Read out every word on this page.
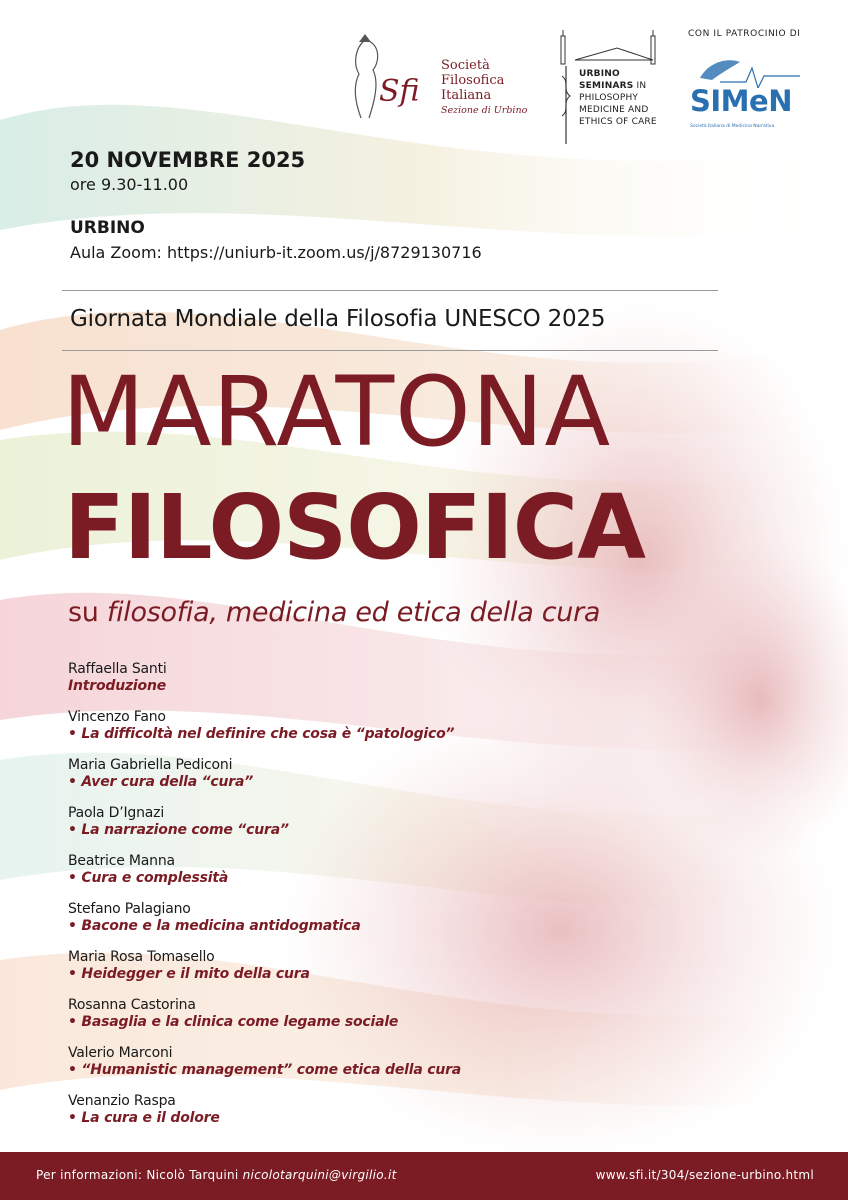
Sfi
Società
Filosofica
Italiana
Sezione di Urbino
URBINO
SEMINARS IN
PHILOSOPHY
MEDICINE AND
ETHICS OF CARE
CON IL PATROCINIO DI
SIMeN
Società Italiana di Medicina Narrativa
20 NOVEMBRE 2025
ore 9.30-11.00
URBINO
Aula Zoom: https://uniurb-it.zoom.us/j/8729130716
Giornata Mondiale della Filosofia UNESCO 2025
MARATONA
FILOSOFICA
su filosofia, medicina ed etica della cura
Raffaella Santi
Introduzione
Vincenzo Fano
• La difficoltà nel definire che cosa è “patologico”
Maria Gabriella Pediconi
• Aver cura della “cura”
Paola D’Ignazi
• La narrazione come “cura”
Beatrice Manna
• Cura e complessità
Stefano Palagiano
• Bacone e la medicina antidogmatica
Maria Rosa Tomasello
• Heidegger e il mito della cura
Rosanna Castorina
• Basaglia e la clinica come legame sociale
Valerio Marconi
• “Humanistic management” come etica della cura
Venanzio Raspa
• La cura e il dolore
Per informazioni: Nicolò Tarquini nicolotarquini@virgilio.it	www.sfi.it/304/sezione-urbino.html
